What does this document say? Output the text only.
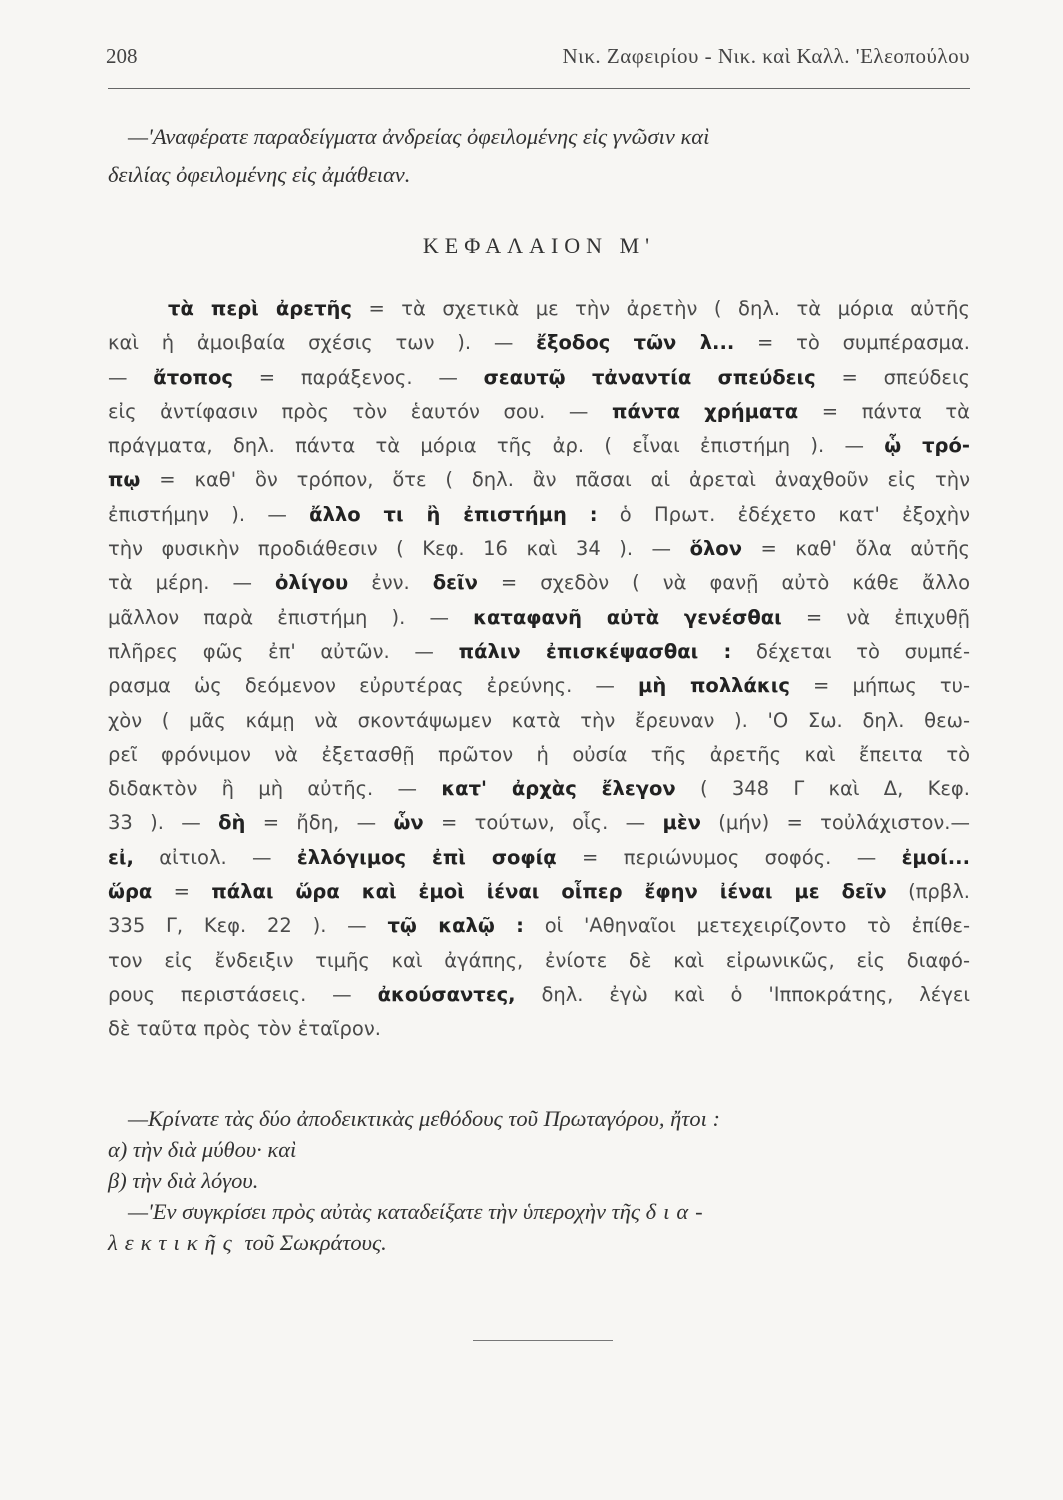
208	Νικ. Ζαφειρίου - Νικ. καὶ Καλλ. 'Ελεοπούλου
—'Αναφέρατε παραδείγματα ἀνδρείας ὀφειλομένης εἰς γνῶσιν καὶ
δειλίας ὀφειλομένης εἰς ἀμάθειαν.
ΚΕΦΑΛΑΙΟΝ Μ'
τὰ περὶ ἀρετῆς = τὰ σχετικὰ με τὴν ἀρετὴν ( δηλ. τὰ μόρια αὐτῆς
καὶ ἡ ἀμοιβαία σχέσις των ). — ἔξοδος τῶν λ... = τὸ συμπέρασμα.
— ἄτοπος = παράξενος. — σεαυτῷ τἀναντία σπεύδεις = σπεύδεις
εἰς ἀντίφασιν πρὸς τὸν ἑαυτόν σου. — πάντα χρήματα = πάντα τὰ
πράγματα, δηλ. πάντα τὰ μόρια τῆς ἀρ. ( εἶναι ἐπιστήμη ). — ᾧ τρό-
πῳ = καθ' ὃν τρόπον, ὅτε ( δηλ. ἂν πᾶσαι αἱ ἀρεταὶ ἀναχθοῦν εἰς τὴν
ἐπιστήμην ). — ἄλλο τι ἢ ἐπιστήμη : ὁ Πρωτ. ἐδέχετο κατ' ἐξοχὴν
τὴν φυσικὴν προδιάθεσιν ( Κεφ. 16 καὶ 34 ). — ὅλον = καθ' ὅλα αὐτῆς
τὰ μέρη. — ὀλίγου ἐνν. δεῖν = σχεδὸν ( νὰ φανῇ αὐτὸ κάθε ἄλλο
μᾶλλον παρὰ ἐπιστήμη ). — καταφανῆ αὐτὰ γενέσθαι = νὰ ἐπιχυθῇ
πλῆρες φῶς ἐπ' αὐτῶν. — πάλιν ἐπισκέψασθαι : δέχεται τὸ συμπέ-
ρασμα ὡς δεόμενον εὐρυτέρας ἐρεύνης. — μὴ πολλάκις = μήπως τυ-
χὸν ( μᾶς κάμῃ νὰ σκοντάψωμεν κατὰ τὴν ἔρευναν ). 'Ο Σω. δηλ. θεω-
ρεῖ φρόνιμον νὰ ἐξετασθῇ πρῶτον ἡ οὐσία τῆς ἀρετῆς καὶ ἔπειτα τὸ
διδακτὸν ἢ μὴ αὐτῆς. — κατ' ἀρχὰς ἔλεγον ( 348 Γ καὶ Δ, Κεφ.
33 ). — δὴ = ἤδη, — ὧν = τούτων, οἷς. — μὲν (μήν) = τοὐλάχιστον.—
εἰ, αἰτιολ. — ἐλλόγιμος ἐπὶ σοφίᾳ = περιώνυμος σοφός. — ἐμοί...
ὥρα = πάλαι ὥρα καὶ ἐμοὶ ἰέναι οἷπερ ἔφην ἰέναι με δεῖν (πρβλ.
335 Γ, Κεφ. 22 ). — τῷ καλῷ : οἱ 'Αθηναῖοι μετεχειρίζοντο τὸ ἐπίθε-
τον εἰς ἔνδειξιν τιμῆς καὶ ἀγάπης, ἐνίοτε δὲ καὶ εἰρωνικῶς, εἰς διαφό-
ρους περιστάσεις. — ἀκούσαντες, δηλ. ἐγὼ καὶ ὁ 'Ιπποκράτης, λέγει
δὲ ταῦτα πρὸς τὸν ἑταῖρον.
—Κρίνατε τὰς δύο ἀποδεικτικὰς μεθόδους τοῦ Πρωταγόρου, ἤτοι :
α) τὴν διὰ μύθου· καὶ
β) τὴν διὰ λόγου.
—'Εν συγκρίσει πρὸς αὐτὰς καταδείξατε τὴν ὑπεροχὴν τῆς δια-
λεκτικῆς τοῦ Σωκράτους.
